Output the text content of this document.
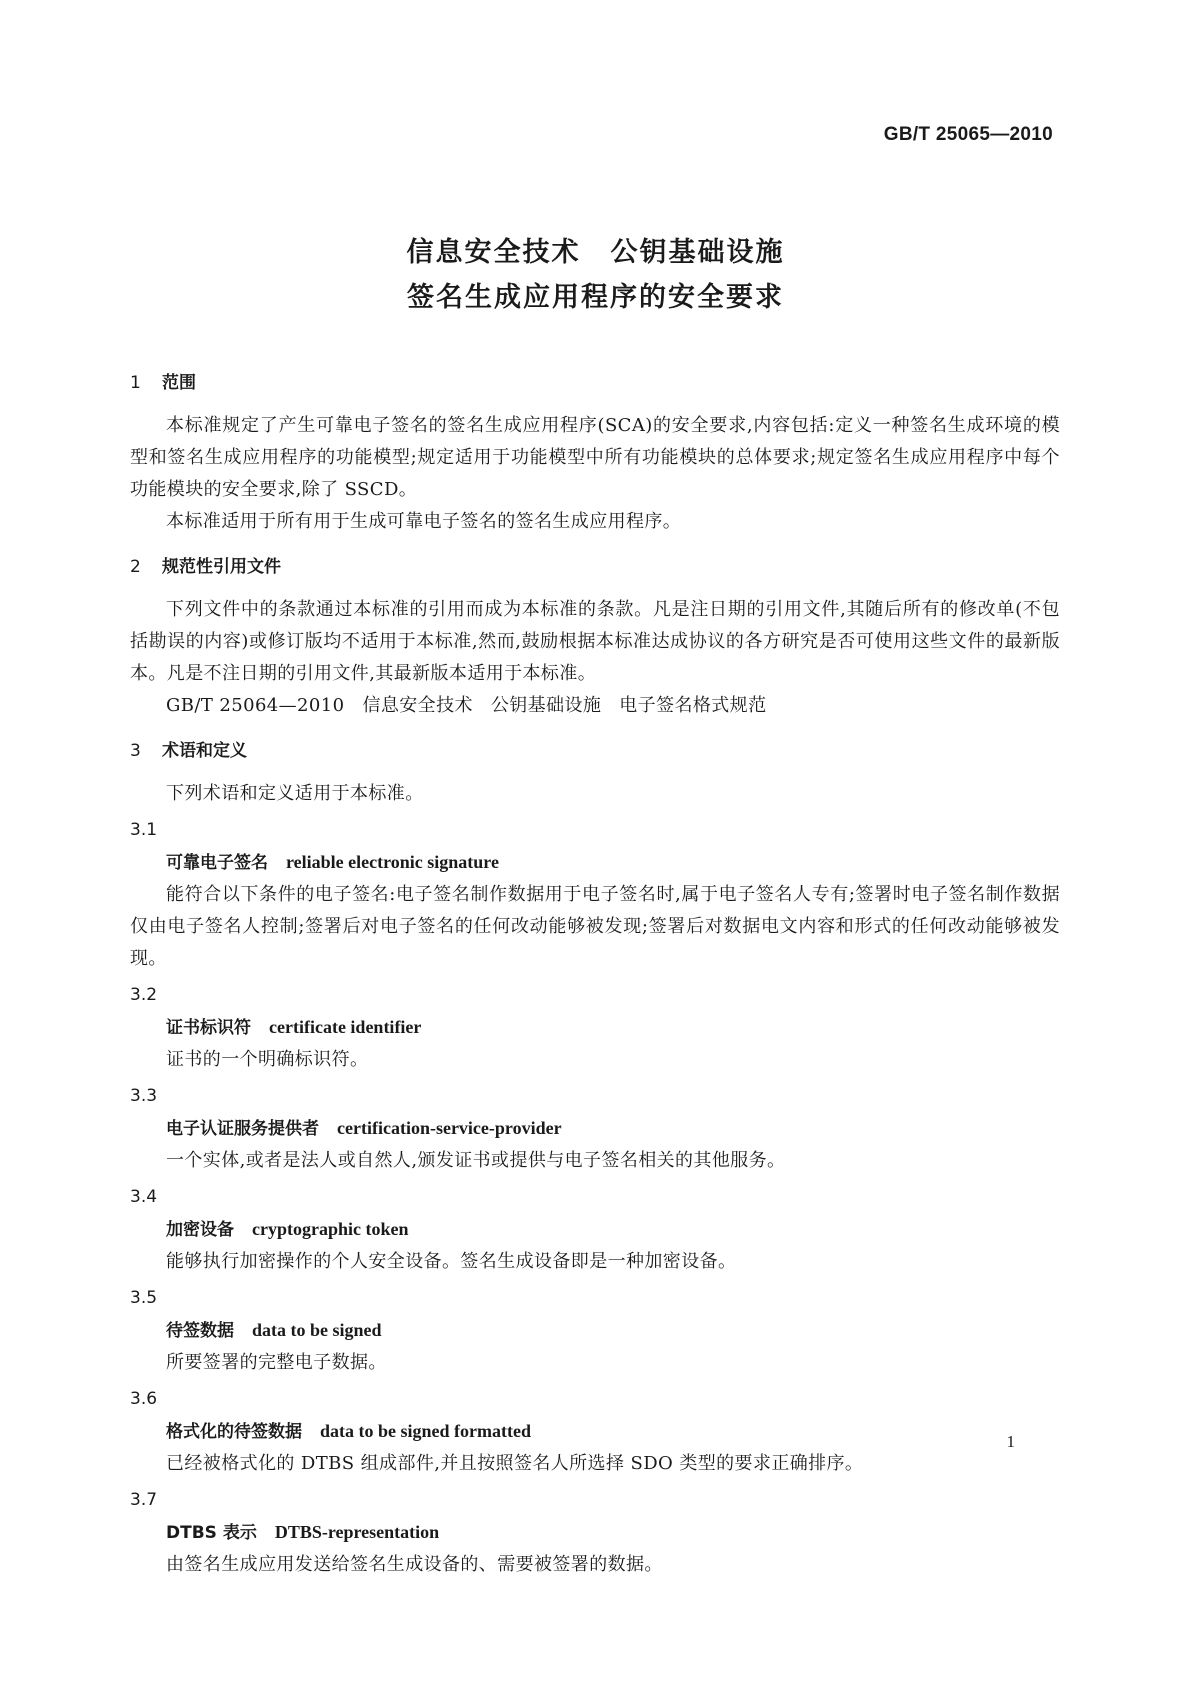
GB/T 25065—2010
信息安全技术 公钥基础设施
签名生成应用程序的安全要求
1 范围
本标准规定了产生可靠电子签名的签名生成应用程序(SCA)的安全要求,内容包括:定义一种签名生成环境的模型和签名生成应用程序的功能模型;规定适用于功能模型中所有功能模块的总体要求;规定签名生成应用程序中每个功能模块的安全要求,除了 SSCD。
本标准适用于所有用于生成可靠电子签名的签名生成应用程序。
2 规范性引用文件
下列文件中的条款通过本标准的引用而成为本标准的条款。凡是注日期的引用文件,其随后所有的修改单(不包括勘误的内容)或修订版均不适用于本标准,然而,鼓励根据本标准达成协议的各方研究是否可使用这些文件的最新版本。凡是不注日期的引用文件,其最新版本适用于本标准。
GB/T 25064—2010 信息安全技术 公钥基础设施 电子签名格式规范
3 术语和定义
下列术语和定义适用于本标准。
3.1
可靠电子签名 reliable electronic signature
能符合以下条件的电子签名:电子签名制作数据用于电子签名时,属于电子签名人专有;签署时电子签名制作数据仅由电子签名人控制;签署后对电子签名的任何改动能够被发现;签署后对数据电文内容和形式的任何改动能够被发现。
3.2
证书标识符 certificate identifier
证书的一个明确标识符。
3.3
电子认证服务提供者 certification-service-provider
一个实体,或者是法人或自然人,颁发证书或提供与电子签名相关的其他服务。
3.4
加密设备 cryptographic token
能够执行加密操作的个人安全设备。签名生成设备即是一种加密设备。
3.5
待签数据 data to be signed
所要签署的完整电子数据。
3.6
格式化的待签数据 data to be signed formatted
已经被格式化的 DTBS 组成部件,并且按照签名人所选择 SDO 类型的要求正确排序。
3.7
DTBS 表示 DTBS-representation
由签名生成应用发送给签名生成设备的、需要被签署的数据。
1
